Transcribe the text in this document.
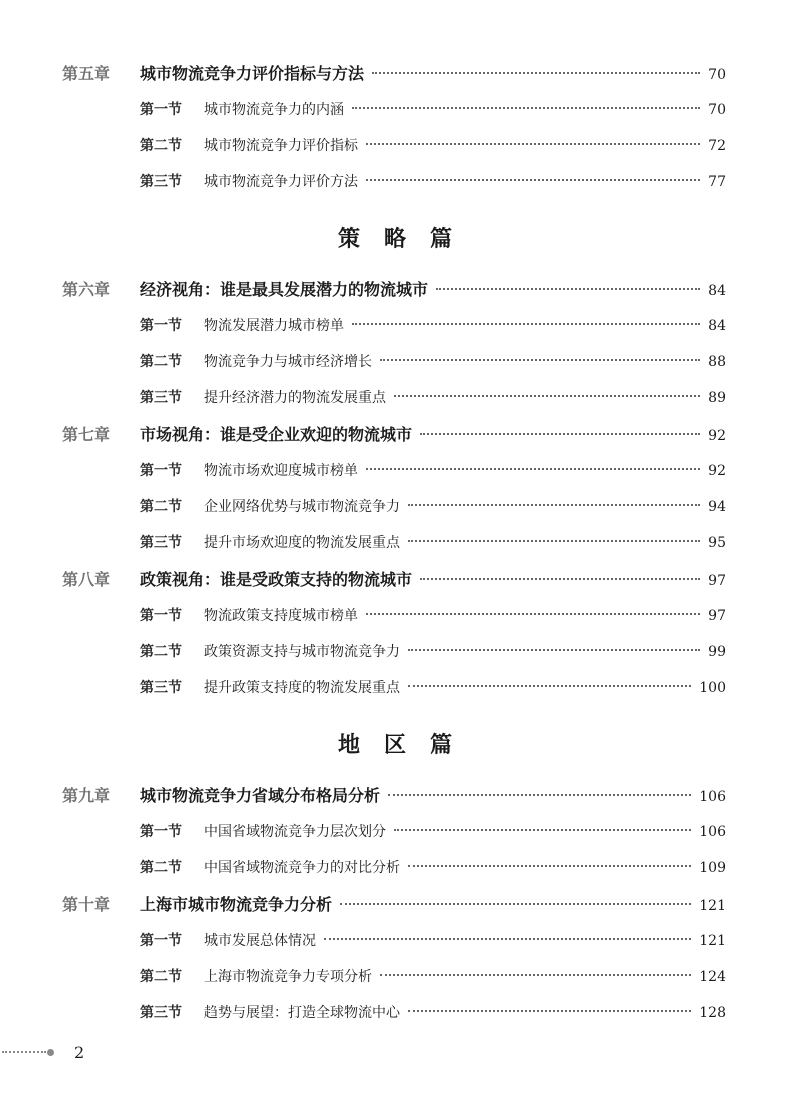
策 略 篇
地 区 篇
第五章	城市物流竞争力评价指标与方法	70
第一节	城市物流竞争力的内涵	70
第二节	城市物流竞争力评价指标	72
第三节	城市物流竞争力评价方法	77
第六章	经济视角：谁是最具发展潜力的物流城市	84
第一节	物流发展潜力城市榜单	84
第二节	物流竞争力与城市经济增长	88
第三节	提升经济潜力的物流发展重点	89
第七章	市场视角：谁是受企业欢迎的物流城市	92
第一节	物流市场欢迎度城市榜单	92
第二节	企业网络优势与城市物流竞争力	94
第三节	提升市场欢迎度的物流发展重点	95
第八章	政策视角：谁是受政策支持的物流城市	97
第一节	物流政策支持度城市榜单	97
第二节	政策资源支持与城市物流竞争力	99
第三节	提升政策支持度的物流发展重点	100
第九章	城市物流竞争力省域分布格局分析	106
第一节	中国省域物流竞争力层次划分	106
第二节	中国省域物流竞争力的对比分析	109
第十章	上海市城市物流竞争力分析	121
第一节	城市发展总体情况	121
第二节	上海市物流竞争力专项分析	124
第三节	趋势与展望：打造全球物流中心	128
2
